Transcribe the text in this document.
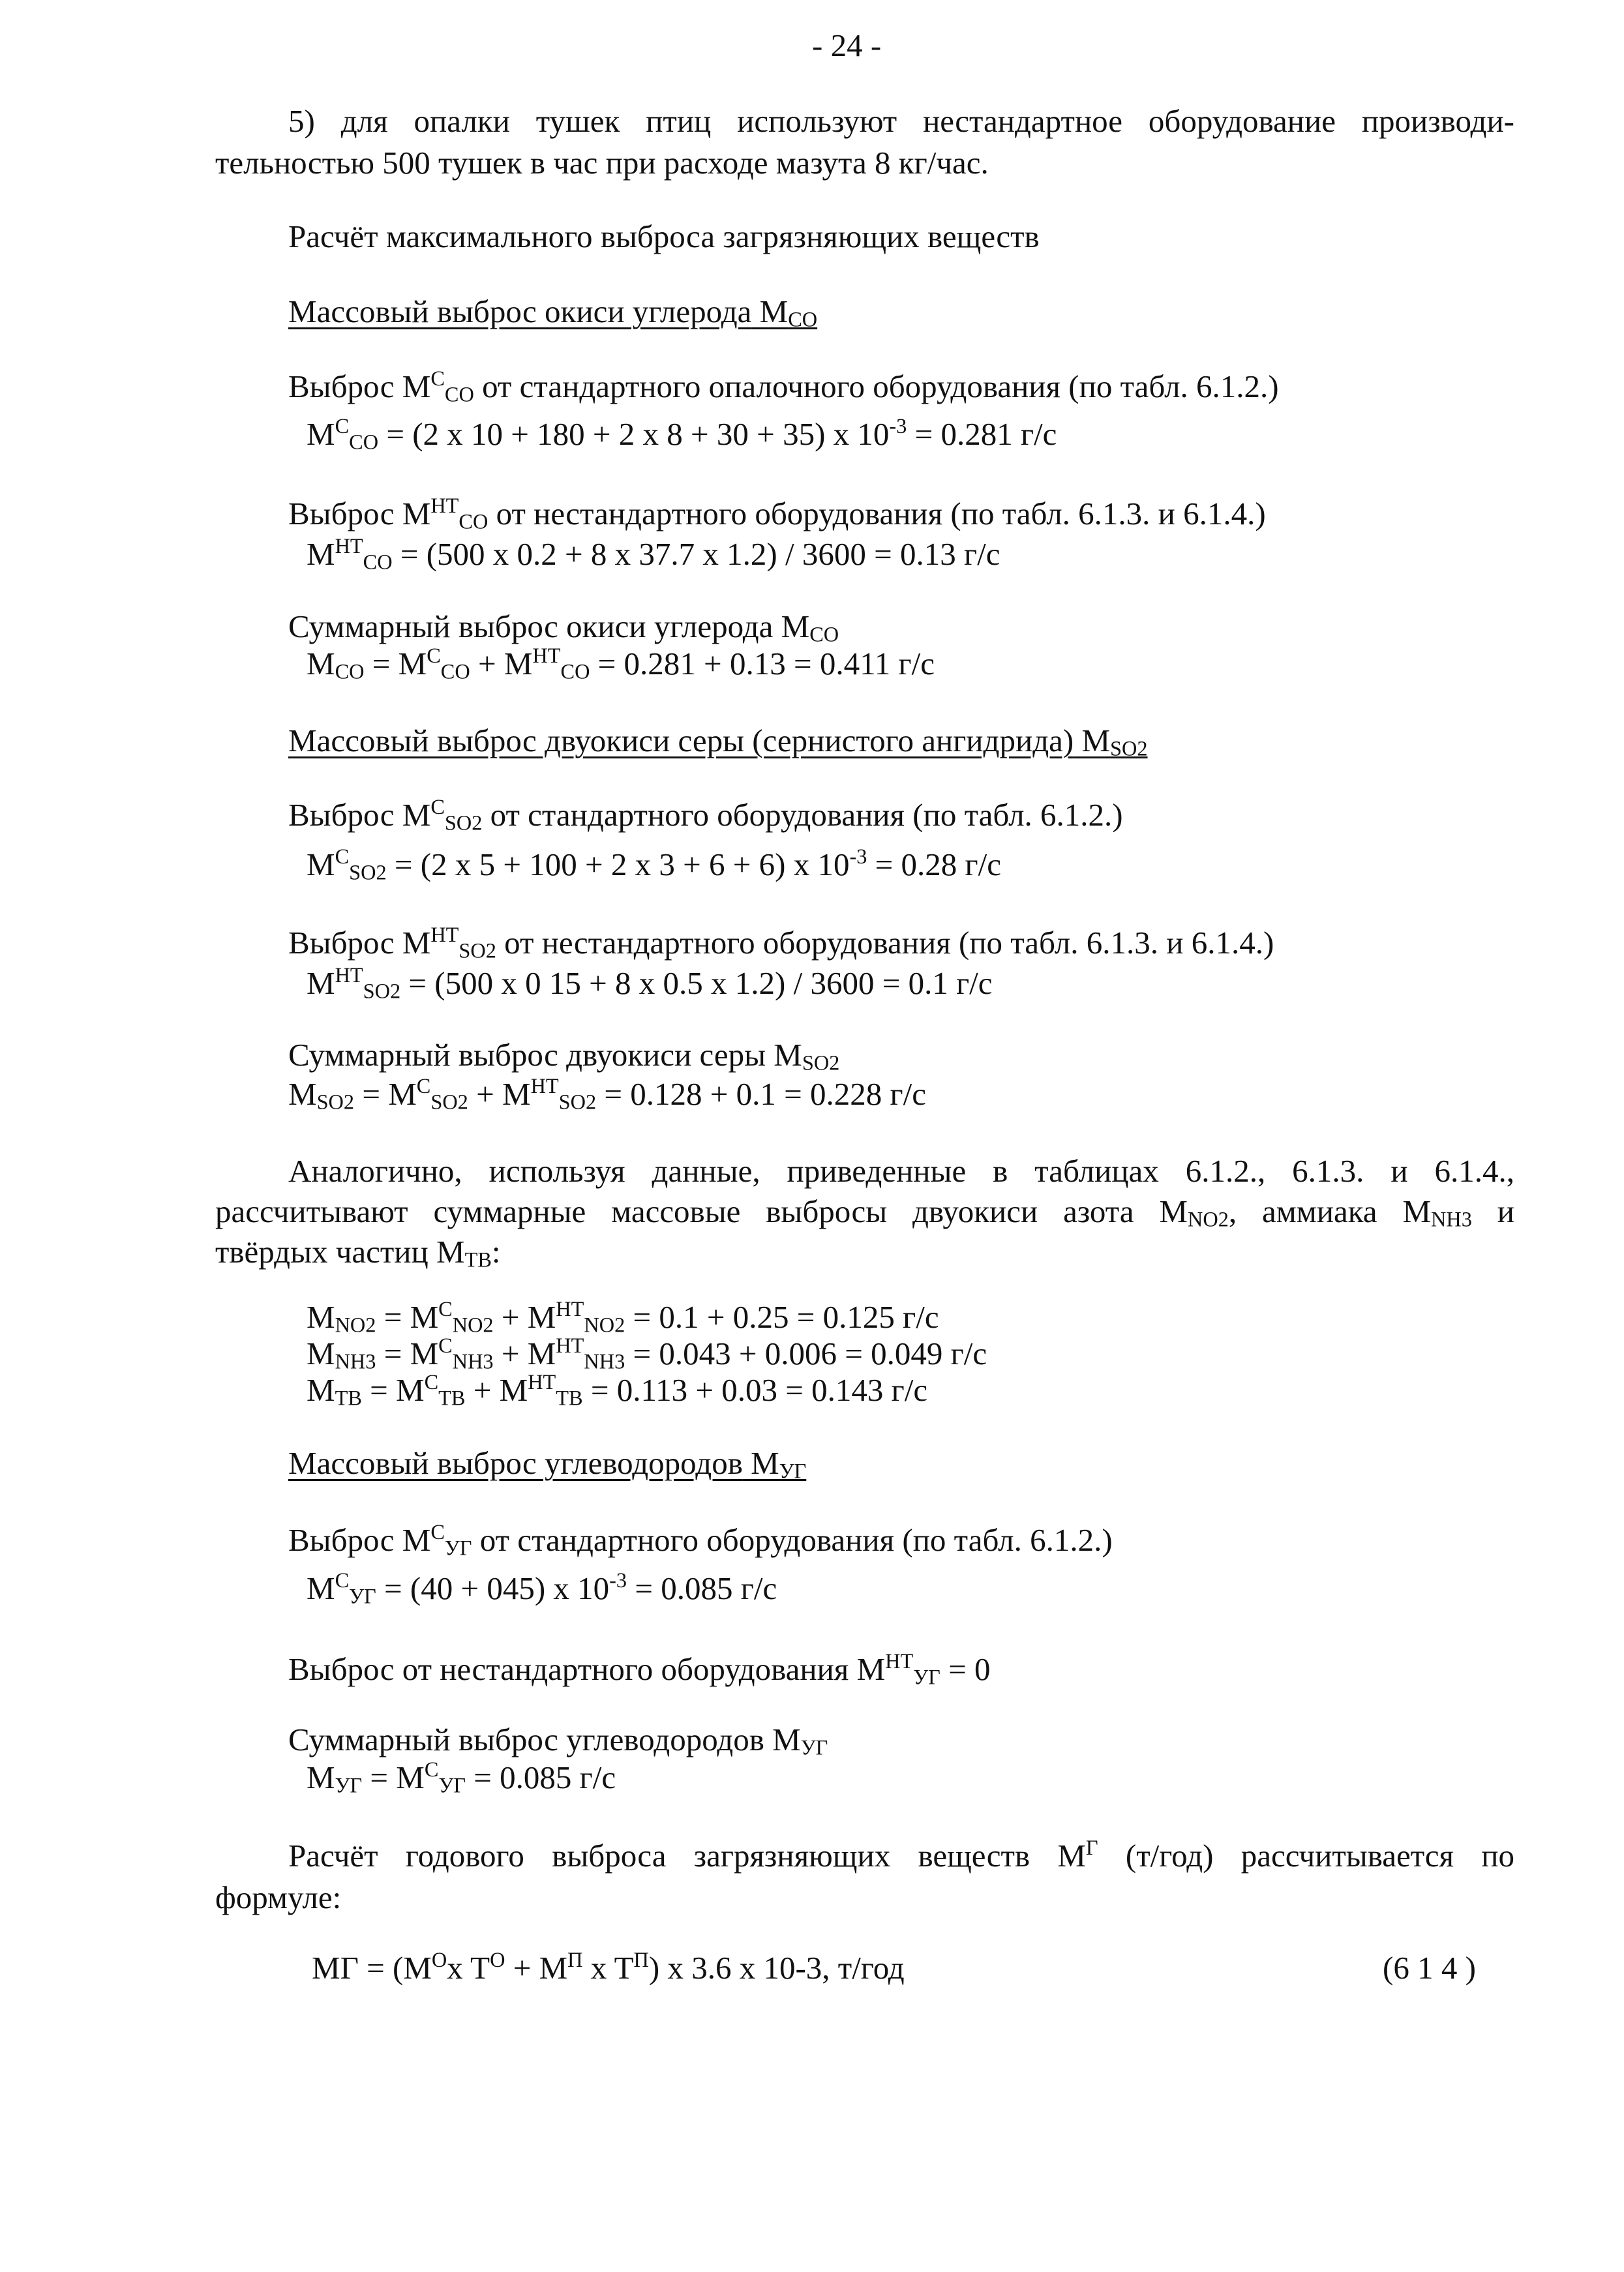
- 24 -
5) для опалки тушек птиц используют нестандартное оборудование производи-
тельностью 500 тушек в час при расходе мазута 8 кг/час.
Расчёт максимального выброса загрязняющих веществ
Массовый выброс окиси углерода $M_{CO}$
Выброс $M^C_{CO}$ от стандартного опалочного оборудования (по табл. 6.1.2.)
$M^C_{CO} = (2$ x 10 + 180 + 2 x 8 + 30 + 35) x $10^{-3} = 0.281$ г/с
Выброс $M^{HT}_{CO}$ от нестандартного оборудования (по табл. 6.1.3. и 6.1.4.)
$M^{HT}_{CO} = (500$ x 0.2 + 8 x 37.7 x 1.2) / 3600 = 0.13 г/с
Суммарный выброс окиси углерода $M_{CO}$
$M_{CO} = M^C_{CO} + M^{HT}_{CO} = 0.281 + 0.13 = 0.411$ г/с
Массовый выброс двуокиси серы (сернистого ангидрида) $M_{SO2}$
Выброс $M^C_{SO2}$ от стандартного оборудования (по табл. 6.1.2.)
$M^C_{SO2} = (2$ x 5 + 100 + 2 x 3 + 6 + 6) x $10^{-3} = 0.28$ г/с
Выброс $M^{HT}_{SO2}$ от нестандартного оборудования (по табл. 6.1.3. и 6.1.4.)
$M^{HT}_{SO2} = (500$ x 0 15 + 8 x 0.5 x 1.2) / 3600 = 0.1 г/с
Суммарный выброс двуокиси серы $M_{SO2}$
$M_{SO2} = M^C_{SO2} + M^{HT}_{SO2} = 0.128 + 0.1 = 0.228$ г/с
Аналогично, используя данные, приведенные в таблицах 6.1.2., 6.1.3. и 6.1.4.,
рассчитывают суммарные массовые выбросы двуокиси азота $M_{NO2}$, аммиака $M_{NH3}$ и
твёрдых частиц $M_{TB}$:
$M_{NO2} = M^C_{NO2} + M^{HT}_{NO2} = 0.1 + 0.25 = 0.125$ г/с
$M_{NH3} = M^C_{NH3} + M^{HT}_{NH3} = 0.043 + 0.006 = 0.049$ г/с
$M_{TB} = M^C_{TB} + M^{HT}_{TB} = 0.113 + 0.03 = 0.143$ г/с
Массовый выброс углеводородов $M_{УГ}$
Выброс $M^C_{УГ}$ от стандартного оборудования (по табл. 6.1.2.)
$M^C_{УГ} = (40 + 045)$ x $10^{-3} = 0.085$ г/с
Выброс от нестандартного оборудования $M^{HT}_{УГ} = 0$
Суммарный выброс углеводородов $M_{УГ}$
$M_{УГ} = M^C_{УГ} = 0.085$ г/с
Расчёт годового выброса загрязняющих веществ $M^Г$ (т/год) рассчитывается по
формуле:
MГ = ($M^Ox$ $T^O + M^П$ x $T^П$) x 3.6 x 10-3, т/год	(6 1 4 )
